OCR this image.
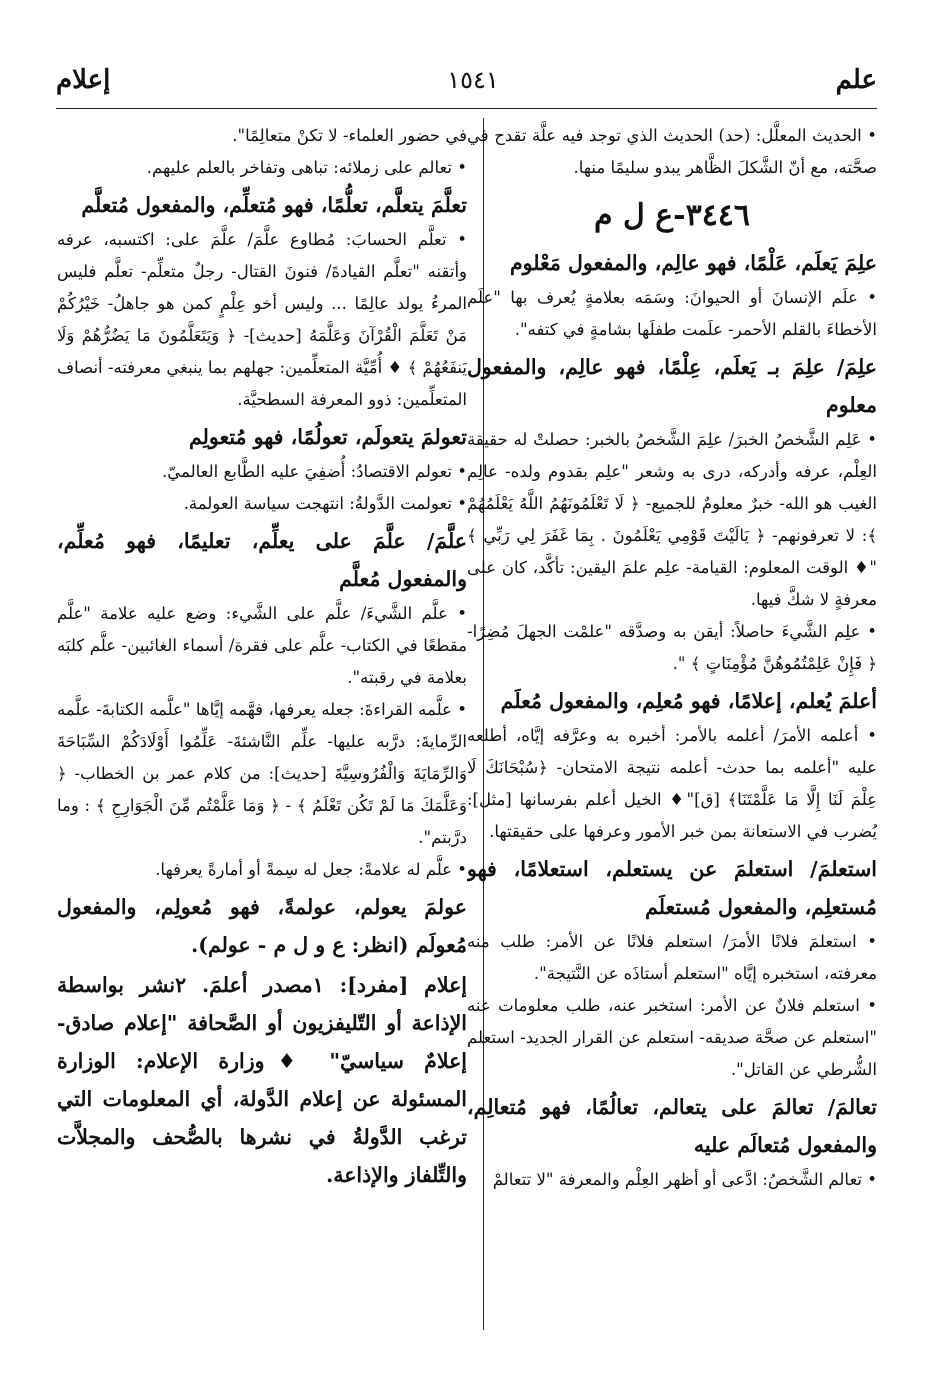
علم
١٥٤١
إعلام

• الحديث المعلَّل: (حد) الحديث الذي توجد فيه علَّة تقدح في صحَّته، مع أنّ الشَّكلَ الظَّاهر يبدو سليمًا منها.

٣٤٤٦-ع ل م

علِمَ يَعلَم، عَلْمًا، فهو عالِم، والمفعول مَعْلوم

• علَم الإنسانَ أو الحيوانَ: وسَمَه بعلامةٍ يُعرف بها "علَم الأخطاءَ بالقلم الأحمر- علَمت طفلَها بشامةٍ في كتفه".

علِمَ/ علِمَ بـ يَعلَم، عِلْمًا، فهو عالِم، والمفعول معلوم

• عَلِم الشَّخصُ الخبرَ/ علِمَ الشَّخصُ بالخبر: حصلتْ له حقيقة العِلْم، عرفه وأدركه، درى به وشعر "علِم بقدوم ولده- عالِم الغيب هو الله- خبرٌ معلومٌ للجميع- ﴿ لَا تَعْلَمُونَهُمُ اللَّهُ يَعْلَمُهُمْ ﴾: لا تعرفونهم- ﴿ يَالَيْتَ قَوْمِي يَعْلَمُونَ . بِمَا غَفَرَ لِي رَبِّي ﴾ "♦ الوقت المعلوم: القيامة- علِم علمَ اليقين: تأكَّد، كان على معرفةٍ لا شكَّ فيها.

• علِم الشَّيءَ حاصلاً: أيقن به وصدَّقه "علمْت الجهلَ مُضِرًا- ﴿ فَإِنْ عَلِمْتُمُوهُنَّ مُؤْمِنَاتٍ ﴾ ".

أعلمَ يُعلم، إعلامًا، فهو مُعلِم، والمفعول مُعلَم

• أعلمه الأمرَ/ أعلمه بالأمر: أخبره به وعرَّفه إيَّاه، أطلعه عليه "أعلمه بما حدث- أعلمه نتيجة الامتحان- ﴿سُبْحَانَكَ لَا عِلْمَ لَنَا إِلَّا مَا عَلَّمْتَنَا﴾ [ق]"♦ الخيل أعلم بفرسانها [مثل]: يُضرب في الاستعانة بمن خبر الأمور وعرفها على حقيقتها.

استعلمَ/ استعلمَ عن يستعلم، استعلامًا، فهو مُستعلِم، والمفعول مُستعلَم

• استعلمَ فلانًا الأمرَ/ استعلم فلانًا عن الأمر: طلب منه معرفته، استخبره إيَّاه "استعلم أستاذَه عن النَّتيجة".

• استعلم فلانٌ عن الأمر: استخبر عنه، طلب معلومات عنه "استعلم عن صحَّة صديقه- استعلم عن القرار الجديد- استعلم الشُّرطي عن القاتل".

تعالمَ/ تعالمَ على يتعالم، تعالُمًا، فهو مُتعالِم، والمفعول مُتعالَم عليه

• تعالم الشَّخصُ: ادَّعى أو أظهر العِلْم والمعرفة "لا تتعالمْ

في حضور العلماء- لا تكنْ متعالِمًا".

• تعالم على زملائه: تباهى وتفاخر بالعلم عليهم.

تعلَّمَ يتعلَّم، تعلُّمًا، فهو مُتعلِّم، والمفعول مُتعلَّم

• تعلَّم الحسابَ: مُطاوع علَّمَ/ علَّمَ على: اكتسبه، عرفه وأتقنه "تعلَّم القيادةَ/ فنونَ القتال- رجلٌ متعلِّم- تعلَّم فليس المرءُ يولد عالِمًا ... وليس أخو عِلْمٍ كمن هو جاهلُ- خَيْرُكُمْ مَنْ تَعَلَّمَ الْقُرْآنَ وَعَلَّمَهُ [حديث]- ﴿ وَيَتَعَلَّمُونَ مَا يَضُرُّهُمْ وَلَا يَنفَعُهُمْ ﴾ ♦ أُمِّيَّة المتعلِّمين: جهلهم بما ينبغي معرفته- أنصاف المتعلِّمين: ذوو المعرفة السطحيَّة.

تعولمَ يتعولَم، تعولُمًا، فهو مُتعولِم

• تعولم الاقتصادُ: أُضفِيَ عليه الطَّابع العالميّ.

• تعولمت الدَّولةُ: انتهجت سياسة العولمة.

علَّمَ/ علَّمَ على يعلِّم، تعليمًا، فهو مُعلِّم، والمفعول مُعلَّم

• علَّم الشَّيءَ/ علَّم على الشَّيء: وضع عليه علامة "علَّم مقطعًا في الكتاب- علَّم على فقرة/ أسماء الغائبين- علَّم كلبَه بعلامة في رقبته".

• علَّمه القراءةَ: جعله يعرفها، فهَّمه إيَّاها "علَّمه الكتابةَ- علَّمه الرِّمايةَ: درَّبه عليها- علِّم النَّاشئةَ- عَلِّمُوا أَوْلَادَكُمْ السِّبَاحَةَ وَالرِّمَايَةَ وَالْفُرُوسِيَّةَ [حديث]: من كلام عمر بن الخطاب- ﴿ وَعَلَّمَكَ مَا لَمْ تَكُن تَعْلَمُ ﴾ - ﴿ وَمَا عَلَّمْتُم مِّنَ الْجَوَارِحِ ﴾ : وما درَّبتم".

• علَّم له علامةً: جعل له سِمةً أو أمارةً يعرفها.

عولمَ يعولم، عولمةً، فهو مُعولِم، والمفعول مُعولَم (انظر: ع و ل م - عولم).

إعلام [مفرد]: ١مصدر أعلمَ. ٢نشر بواسطة الإذاعة أو التّليفزيون أو الصَّحافة "إعلام صادق- إعلامٌ سياسيّ" ♦وزارة الإعلام: الوزارة المسئولة عن إعلام الدَّولة، أي المعلومات التي ترغب الدَّولةُ في نشرها بالصُّحف والمجلاَّت والتِّلفاز والإذاعة.
